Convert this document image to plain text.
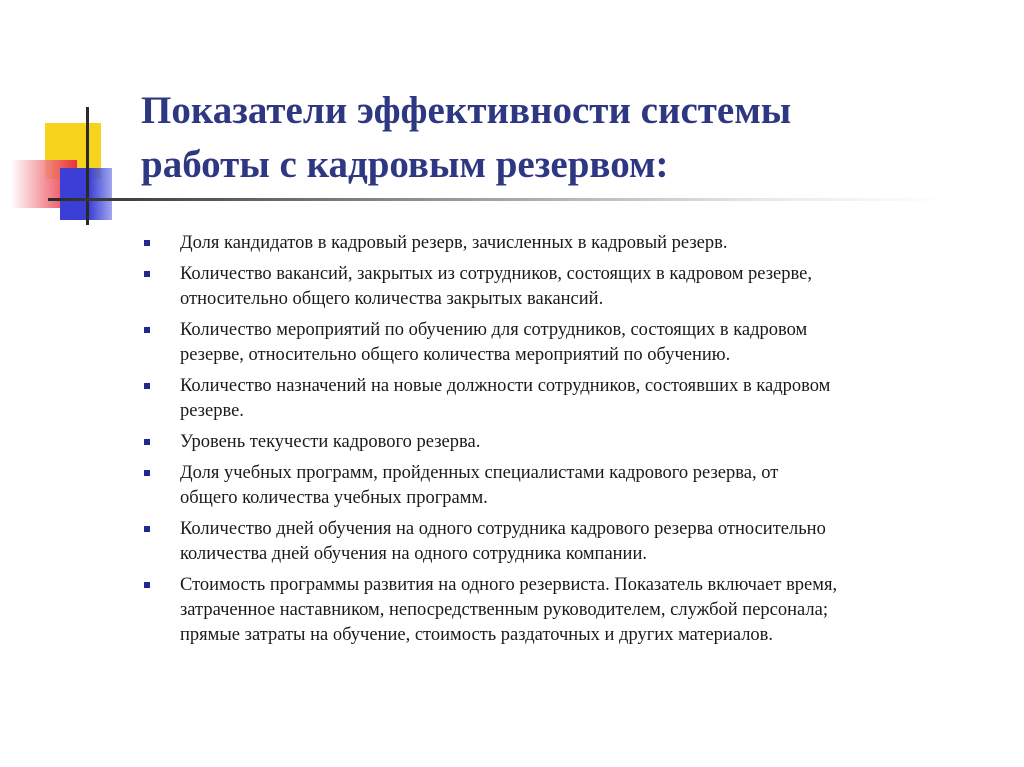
Показатели эффективности системы
работы с кадровым резервом:
Доля кандидатов в кадровый резерв, зачисленных в кадровый резерв.
Количество вакансий, закрытых из сотрудников, состоящих в кадровом резерве,
относительно общего количества закрытых вакансий.
Количество мероприятий по обучению для сотрудников, состоящих в кадровом
резерве, относительно общего количества мероприятий по обучению.
Количество назначений на новые должности сотрудников, состоявших в кадровом
резерве.
Уровень текучести кадрового резерва.
Доля учебных программ, пройденных специалистами кадрового резерва, от
общего количества учебных программ.
Количество дней обучения на одного сотрудника кадрового резерва относительно
количества дней обучения на одного сотрудника компании.
Стоимость программы развития на одного резервиста. Показатель включает время,
затраченное наставником, непосредственным руководителем, службой персонала;
прямые затраты на обучение, стоимость раздаточных и других материалов.
